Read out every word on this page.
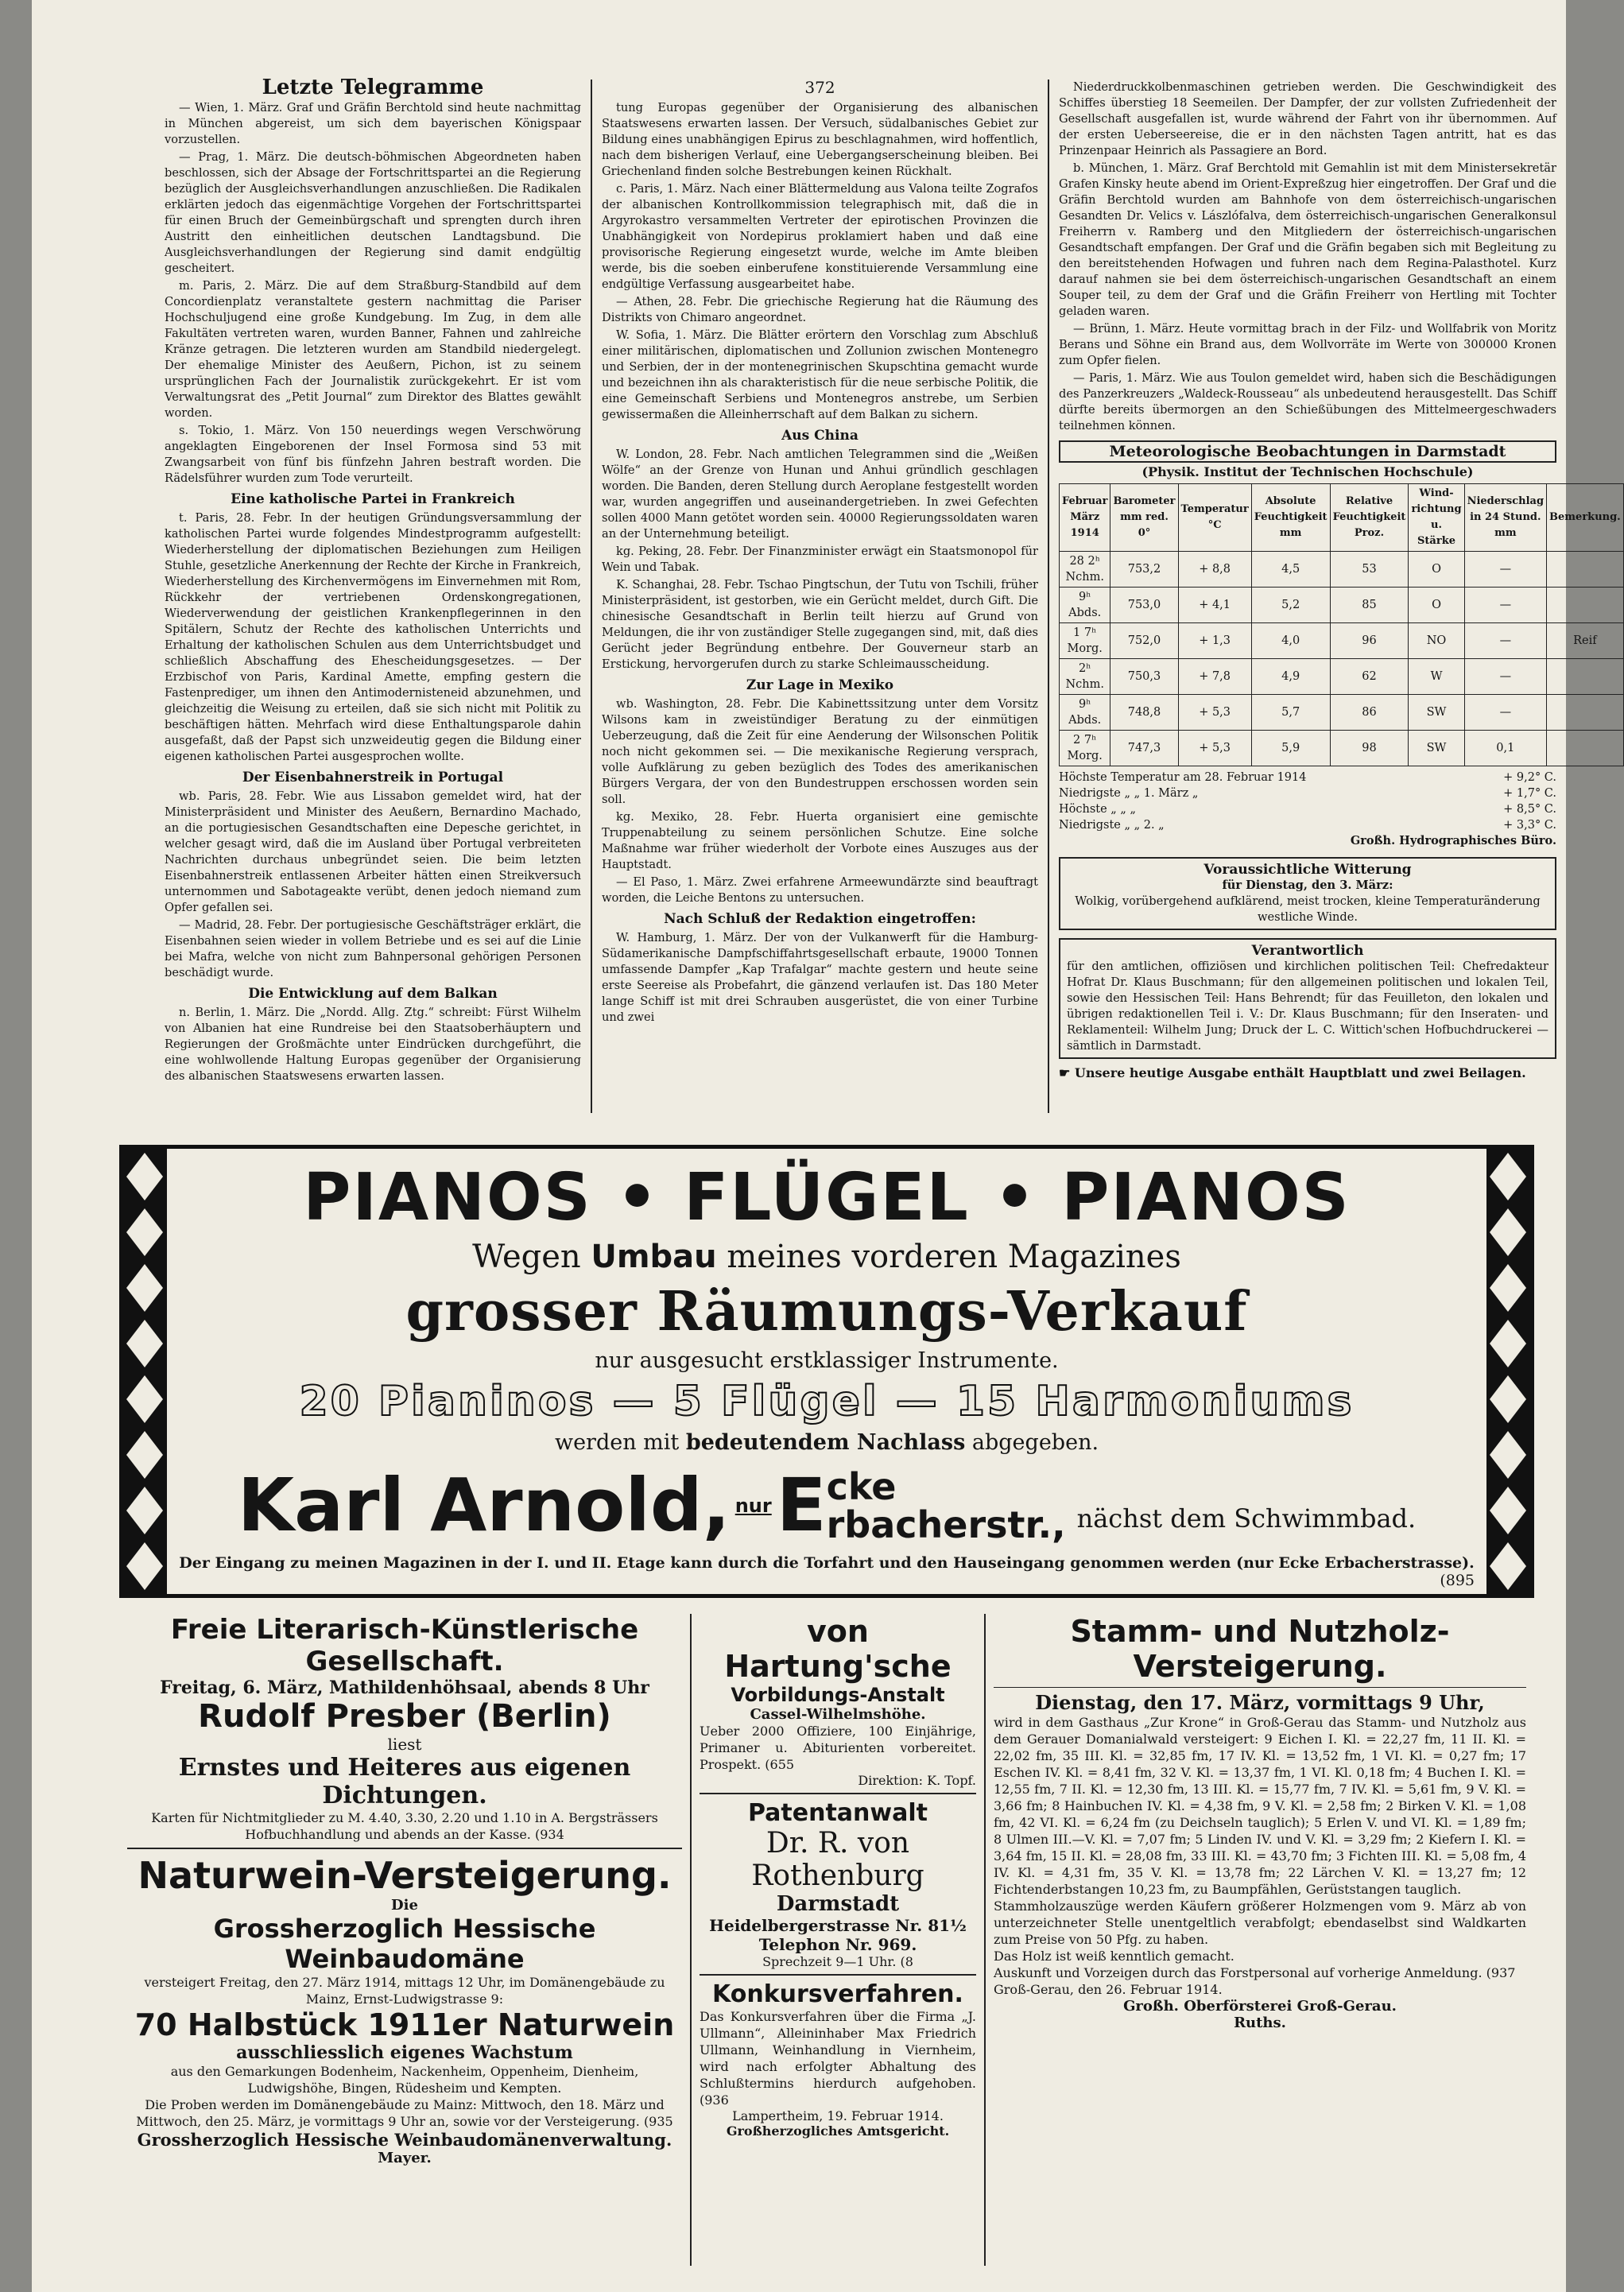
Letzte Telegramme

— Wien, 1. März. Graf und Gräfin Berchtold sind heute nachmittag in München abgereist, um sich dem bayerischen Königspaar vorzustellen.

— Prag, 1. März. Die deutsch-böhmischen Abgeordneten haben beschlossen, sich der Absage der Fortschrittspartei an die Regierung bezüglich der Ausgleichsverhandlungen anzuschließen. Die Radikalen erklärten jedoch das eigenmächtige Vorgehen der Fortschrittspartei für einen Bruch der Gemeinbürgschaft und sprengten durch ihren Austritt den einheitlichen deutschen Landtagsbund. Die Ausgleichsverhandlungen der Regierung sind damit endgültig gescheitert.

m. Paris, 2. März. Die auf dem Straßburg-Standbild auf dem Concordienplatz veranstaltete gestern nachmittag die Pariser Hochschuljugend eine große Kundgebung. Im Zug, in dem alle Fakultäten vertreten waren, wurden Banner, Fahnen und zahlreiche Kränze getragen. Die letzteren wurden am Standbild niedergelegt. Der ehemalige Minister des Aeußern, Pichon, ist zu seinem ursprünglichen Fach der Journalistik zurückgekehrt. Er ist vom Verwaltungsrat des „Petit Journal“ zum Direktor des Blattes gewählt worden.

s. Tokio, 1. März. Von 150 neuerdings wegen Verschwörung angeklagten Eingeborenen der Insel Formosa sind 53 mit Zwangsarbeit von fünf bis fünfzehn Jahren bestraft worden. Die Rädelsführer wurden zum Tode verurteilt.

Eine katholische Partei in Frankreich

t. Paris, 28. Febr. In der heutigen Gründungsversammlung der katholischen Partei wurde folgendes Mindestprogramm aufgestellt: Wiederherstellung der diplomatischen Beziehungen zum Heiligen Stuhle, gesetzliche Anerkennung der Rechte der Kirche in Frankreich, Wiederherstellung des Kirchenvermögens im Einvernehmen mit Rom, Rückkehr der vertriebenen Ordenskongregationen, Wiederverwendung der geistlichen Krankenpflegerinnen in den Spitälern, Schutz der Rechte des katholischen Unterrichts und Erhaltung der katholischen Schulen aus dem Unterrichtsbudget und schließlich Abschaffung des Ehescheidungsgesetzes. — Der Erzbischof von Paris, Kardinal Amette, empfing gestern die Fastenprediger, um ihnen den Antimodernisteneid abzunehmen, und gleichzeitig die Weisung zu erteilen, daß sie sich nicht mit Politik zu beschäftigen hätten. Mehrfach wird diese Enthaltungsparole dahin ausgefaßt, daß der Papst sich unzweideutig gegen die Bildung einer eigenen katholischen Partei ausgesprochen wollte.

Der Eisenbahnerstreik in Portugal

wb. Paris, 28. Febr. Wie aus Lissabon gemeldet wird, hat der Ministerpräsident und Minister des Aeußern, Bernardino Machado, an die portugiesischen Gesandtschaften eine Depesche gerichtet, in welcher gesagt wird, daß die im Ausland über Portugal verbreiteten Nachrichten durchaus unbegründet seien. Die beim letzten Eisenbahnerstreik entlassenen Arbeiter hätten einen Streikversuch unternommen und Sabotageakte verübt, denen jedoch niemand zum Opfer gefallen sei.

— Madrid, 28. Febr. Der portugiesische Geschäftsträger erklärt, die Eisenbahnen seien wieder in vollem Betriebe und es sei auf die Linie bei Mafra, welche von nicht zum Bahnpersonal gehörigen Personen beschädigt wurde.

Die Entwicklung auf dem Balkan

n. Berlin, 1. März. Die „Nordd. Allg. Ztg.“ schreibt: Fürst Wilhelm von Albanien hat eine Rundreise bei den Staatsoberhäuptern und Regierungen der Großmächte unter Eindrücken durchgeführt, die eine wohlwollende Haltung Europas gegenüber der Organisierung des albanischen Staatswesens erwarten lassen.

372

tung Europas gegenüber der Organisierung des albanischen Staatswesens erwarten lassen. Der Versuch, südalbanisches Gebiet zur Bildung eines unabhängigen Epirus zu beschlagnahmen, wird hoffentlich, nach dem bisherigen Verlauf, eine Uebergangserscheinung bleiben. Bei Griechenland finden solche Bestrebungen keinen Rückhalt.

c. Paris, 1. März. Nach einer Blättermeldung aus Valona teilte Zografos der albanischen Kontrollkommission telegraphisch mit, daß die in Argyrokastro versammelten Vertreter der epirotischen Provinzen die Unabhängigkeit von Nordepirus proklamiert haben und daß eine provisorische Regierung eingesetzt wurde, welche im Amte bleiben werde, bis die soeben einberufene konstituierende Versammlung eine endgültige Verfassung ausgearbeitet habe.

— Athen, 28. Febr. Die griechische Regierung hat die Räumung des Distrikts von Chimaro angeordnet.

W. Sofia, 1. März. Die Blätter erörtern den Vorschlag zum Abschluß einer militärischen, diplomatischen und Zollunion zwischen Montenegro und Serbien, der in der montenegrinischen Skupschtina gemacht wurde und bezeichnen ihn als charakteristisch für die neue serbische Politik, die eine Gemeinschaft Serbiens und Montenegros anstrebe, um Serbien gewissermaßen die Alleinherrschaft auf dem Balkan zu sichern.

Aus China

W. London, 28. Febr. Nach amtlichen Telegrammen sind die „Weißen Wölfe“ an der Grenze von Hunan und Anhui gründlich geschlagen worden. Die Banden, deren Stellung durch Aeroplane festgestellt worden war, wurden angegriffen und auseinandergetrieben. In zwei Gefechten sollen 4000 Mann getötet worden sein. 40000 Regierungssoldaten waren an der Unternehmung beteiligt.

kg. Peking, 28. Febr. Der Finanzminister erwägt ein Staatsmonopol für Wein und Tabak.

K. Schanghai, 28. Febr. Tschao Pingtschun, der Tutu von Tschili, früher Ministerpräsident, ist gestorben, wie ein Gerücht meldet, durch Gift. Die chinesische Gesandtschaft in Berlin teilt hierzu auf Grund von Meldungen, die ihr von zuständiger Stelle zugegangen sind, mit, daß dies Gerücht jeder Begründung entbehre. Der Gouverneur starb an Erstickung, hervorgerufen durch zu starke Schleimausscheidung.

Zur Lage in Mexiko

wb. Washington, 28. Febr. Die Kabinettssitzung unter dem Vorsitz Wilsons kam in zweistündiger Beratung zu der einmütigen Ueberzeugung, daß die Zeit für eine Aenderung der Wilsonschen Politik noch nicht gekommen sei. — Die mexikanische Regierung versprach, volle Aufklärung zu geben bezüglich des Todes des amerikanischen Bürgers Vergara, der von den Bundestruppen erschossen worden sein soll.

kg. Mexiko, 28. Febr. Huerta organisiert eine gemischte Truppenabteilung zu seinem persönlichen Schutze. Eine solche Maßnahme war früher wiederholt der Vorbote eines Auszuges aus der Hauptstadt.

— El Paso, 1. März. Zwei erfahrene Armeewundärzte sind beauftragt worden, die Leiche Bentons zu untersuchen.

Nach Schluß der Redaktion eingetroffen:

W. Hamburg, 1. März. Der von der Vulkanwerft für die Hamburg-Südamerikanische Dampfschiffahrtsgesellschaft erbaute, 19000 Tonnen umfassende Dampfer „Kap Trafalgar“ machte gestern und heute seine erste Seereise als Probefahrt, die gänzend verlaufen ist. Das 180 Meter lange Schiff ist mit drei Schrauben ausgerüstet, die von einer Turbine und zwei

Niederdruckkolbenmaschinen getrieben werden. Die Geschwindigkeit des Schiffes überstieg 18 Seemeilen. Der Dampfer, der zur vollsten Zufriedenheit der Gesellschaft ausgefallen ist, wurde während der Fahrt von ihr übernommen. Auf der ersten Ueberseereise, die er in den nächsten Tagen antritt, hat es das Prinzenpaar Heinrich als Passagiere an Bord.

b. München, 1. März. Graf Berchtold mit Gemahlin ist mit dem Ministersekretär Grafen Kinsky heute abend im Orient-Expreßzug hier eingetroffen. Der Graf und die Gräfin Berchtold wurden am Bahnhofe von dem österreichisch-ungarischen Gesandten Dr. Velics v. Lászlófalva, dem österreichisch-ungarischen Generalkonsul Freiherrn v. Ramberg und den Mitgliedern der österreichisch-ungarischen Gesandtschaft empfangen. Der Graf und die Gräfin begaben sich mit Begleitung zu den bereitstehenden Hofwagen und fuhren nach dem Regina-Palasthotel. Kurz darauf nahmen sie bei dem österreichisch-ungarischen Gesandtschaft an einem Souper teil, zu dem der Graf und die Gräfin Freiherr von Hertling mit Tochter geladen waren.

— Brünn, 1. März. Heute vormittag brach in der Filz- und Wollfabrik von Moritz Berans und Söhne ein Brand aus, dem Wollvorräte im Werte von 300000 Kronen zum Opfer fielen.

— Paris, 1. März. Wie aus Toulon gemeldet wird, haben sich die Beschädigungen des Panzerkreuzers „Waldeck-Rousseau“ als unbedeutend herausgestellt. Das Schiff dürfte bereits übermorgen an den Schießübungen des Mittelmeergeschwaders teilnehmen können.

Meteorologische Beobachtungen in Darmstadt
(Physik. Institut der Technischen Hochschule)
Februar März 1914	Barometer mm red. 0°	Temperatur °C	Absolute Feuchtigkeit mm	Relative Feuchtigkeit Proz.	Wind-richtung u. Stärke	Niederschlag in 24 Stund. mm	Bemerkung.
28 2ʰ Nchm.	753,2	+ 8,8	4,5	53	O	—	
9ʰ Abds.	753,0	+ 4,1	5,2	85	O	—	
1 7ʰ Morg.	752,0	+ 1,3	4,0	96	NO	—	Reif
2ʰ Nchm.	750,3	+ 7,8	4,9	62	W	—	
9ʰ Abds.	748,8	+ 5,3	5,7	86	SW	—	
2 7ʰ Morg.	747,3	+ 5,3	5,9	98	SW	0,1	
Höchste Temperatur am 28. Februar 1914	+ 9,2° C.
Niedrigste „ „ 1. März „	+ 1,7° C.
Höchste „ „ „	+ 8,5° C.
Niedrigste „ „ 2. „	+ 3,3° C.
Großh. Hydrographisches Büro.
Voraussichtliche Witterung
für Dienstag, den 3. März:
Wolkig, vorübergehend aufklärend, meist trocken, kleine Temperaturänderung westliche Winde.
Verantwortlich
für den amtlichen, offiziösen und kirchlichen politischen Teil: Chefredakteur Hofrat Dr. Klaus Buschmann; für den allgemeinen politischen und lokalen Teil, sowie den Hessischen Teil: Hans Behrendt; für das Feuilleton, den lokalen und übrigen redaktionellen Teil i. V.: Dr. Klaus Buschmann; für den Inseraten- und Reklamenteil: Wilhelm Jung; Druck der L. C. Wittich'schen Hofbuchdruckerei — sämtlich in Darmstadt.
☛ Unsere heutige Ausgabe enthält Hauptblatt und zwei Beilagen.
PIANOS • FLÜGEL • PIANOS
Wegen Umbau meines vorderen Magazines
grosser Räumungs-Verkauf
nur ausgesucht erstklassiger Instrumente.
20 Pianinos — 5 Flügel — 15 Harmoniums
werden mit bedeutendem Nachlass abgegeben.
Karl Arnold, nur E cke
rbacherstr., nächst dem Schwimmbad.
Der Eingang zu meinen Magazinen in der I. und II. Etage kann durch die Torfahrt und den Hauseingang genommen werden (nur Ecke Erbacherstrasse).
(895
Freie Literarisch-Künstlerische Gesellschaft.
Freitag, 6. März, Mathildenhöhsaal, abends 8 Uhr
Rudolf Presber (Berlin)
liest
Ernstes und Heiteres aus eigenen Dichtungen.
Karten für Nichtmitglieder zu M. 4.40, 3.30, 2.20 und 1.10 in A. Bergsträssers Hofbuchhandlung und abends an der Kasse. (934
Naturwein-Versteigerung.
Die
Grossherzoglich Hessische Weinbaudomäne
versteigert Freitag, den 27. März 1914, mittags 12 Uhr, im Domänengebäude zu Mainz, Ernst-Ludwigstrasse 9:
70 Halbstück 1911er Naturwein
ausschliesslich eigenes Wachstum
aus den Gemarkungen Bodenheim, Nackenheim, Oppenheim, Dienheim, Ludwigshöhe, Bingen, Rüdesheim und Kempten.
Die Proben werden im Domänengebäude zu Mainz: Mittwoch, den 18. März und Mittwoch, den 25. März, je vormittags 9 Uhr an, sowie vor der Versteigerung. (935
Grossherzoglich Hessische Weinbaudomänenverwaltung.
Mayer.
von Hartung'sche
Vorbildungs-Anstalt
Cassel-Wilhelmshöhe.
Ueber 2000 Offiziere, 100 Einjährige, Primaner u. Abiturienten vorbereitet. Prospekt. (655
Direktion: K. Topf.
Patentanwalt
Dr. R. von Rothenburg
Darmstadt
Heidelbergerstrasse Nr. 81½
Telephon Nr. 969.
Sprechzeit 9—1 Uhr. (8
Konkursverfahren.
Das Konkursverfahren über die Firma „J. Ullmann“, Alleininhaber Max Friedrich Ullmann, Weinhandlung in Viernheim, wird nach erfolgter Abhaltung des Schlußtermins hierdurch aufgehoben. (936
Lampertheim, 19. Februar 1914.
Großherzogliches Amtsgericht.
Stamm- und Nutzholz-Versteigerung.
Dienstag, den 17. März, vormittags 9 Uhr,
wird in dem Gasthaus „Zur Krone“ in Groß-Gerau das Stamm- und Nutzholz aus dem Gerauer Domanialwald versteigert: 9 Eichen I. Kl. = 22,27 fm, 11 II. Kl. = 22,02 fm, 35 III. Kl. = 32,85 fm, 17 IV. Kl. = 13,52 fm, 1 VI. Kl. = 0,27 fm; 17 Eschen IV. Kl. = 8,41 fm, 32 V. Kl. = 13,37 fm, 1 VI. Kl. 0,18 fm; 4 Buchen I. Kl. = 12,55 fm, 7 II. Kl. = 12,30 fm, 13 III. Kl. = 15,77 fm, 7 IV. Kl. = 5,61 fm, 9 V. Kl. = 3,66 fm; 8 Hainbuchen IV. Kl. = 4,38 fm, 9 V. Kl. = 2,58 fm; 2 Birken V. Kl. = 1,08 fm, 42 VI. Kl. = 6,24 fm (zu Deichseln tauglich); 5 Erlen V. und VI. Kl. = 1,89 fm; 8 Ulmen III.—V. Kl. = 7,07 fm; 5 Linden IV. und V. Kl. = 3,29 fm; 2 Kiefern I. Kl. = 3,64 fm, 15 II. Kl. = 28,08 fm, 33 III. Kl. = 43,70 fm; 3 Fichten III. Kl. = 5,08 fm, 4 IV. Kl. = 4,31 fm, 35 V. Kl. = 13,78 fm; 22 Lärchen V. Kl. = 13,27 fm; 12 Fichtenderbstangen 10,23 fm, zu Baumpfählen, Gerüststangen tauglich.
Stammholzauszüge werden Käufern größerer Holzmengen vom 9. März ab von unterzeichneter Stelle unentgeltlich verabfolgt; ebendaselbst sind Waldkarten zum Preise von 50 Pfg. zu haben.
Das Holz ist weiß kenntlich gemacht.
Auskunft und Vorzeigen durch das Forstpersonal auf vorherige Anmeldung. (937
Groß-Gerau, den 26. Februar 1914.
Großh. Oberförsterei Groß-Gerau.
Ruths.
